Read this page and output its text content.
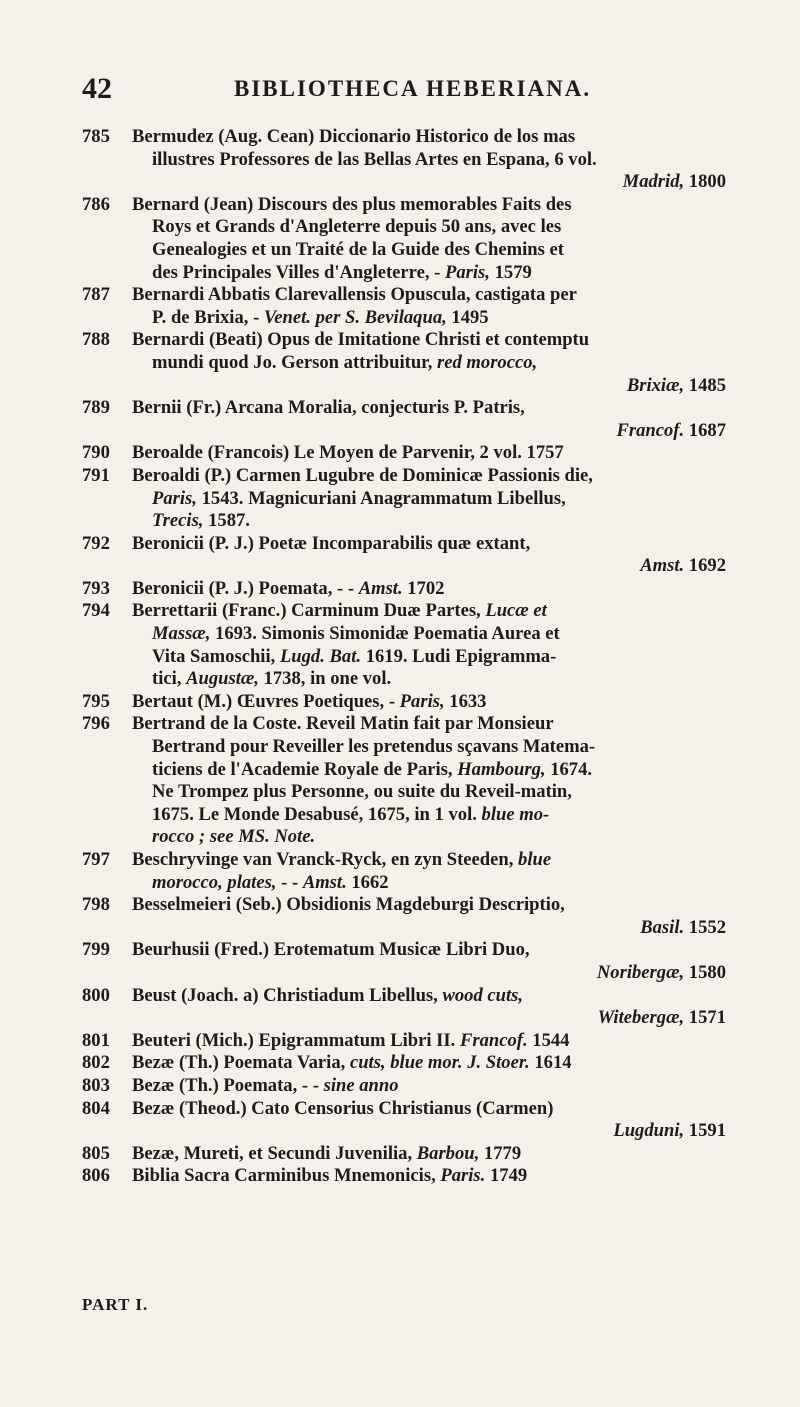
42	BIBLIOTHECA HEBERIANA.
785	Bermudez (Aug. Cean) Diccionario Historico de los mas
illustres Professores de las Bellas Artes en Espana, 6 vol.
Madrid, 1800
786	Bernard (Jean) Discours des plus memorables Faits des
Roys et Grands d'Angleterre depuis 50 ans, avec les
Genealogies et un Traité de la Guide des Chemins et
des Principales Villes d'Angleterre, - Paris, 1579
787	Bernardi Abbatis Clarevallensis Opuscula, castigata per
P. de Brixia, - Venet. per S. Bevilaqua, 1495
788	Bernardi (Beati) Opus de Imitatione Christi et contemptu
mundi quod Jo. Gerson attribuitur, red morocco,
Brixiæ, 1485
789	Bernii (Fr.) Arcana Moralia, conjecturis P. Patris,
Francof. 1687
790	Beroalde (Francois) Le Moyen de Parvenir, 2 vol. 1757
791	Beroaldi (P.) Carmen Lugubre de Dominicæ Passionis die,
Paris, 1543. Magnicuriani Anagrammatum Libellus,
Trecis, 1587.
792	Beronicii (P. J.) Poetæ Incomparabilis quæ extant,
Amst. 1692
793	Beronicii (P. J.) Poemata, - - Amst. 1702
794	Berrettarii (Franc.) Carminum Duæ Partes, Lucæ et
Massæ, 1693. Simonis Simonidæ Poematia Aurea et
Vita Samoschii, Lugd. Bat. 1619. Ludi Epigramma-
tici, Augustæ, 1738, in one vol.
795	Bertaut (M.) Œuvres Poetiques, - Paris, 1633
796	Bertrand de la Coste. Reveil Matin fait par Monsieur
Bertrand pour Reveiller les pretendus sçavans Matema-
ticiens de l'Academie Royale de Paris, Hambourg, 1674.
Ne Trompez plus Personne, ou suite du Reveil-matin,
1675. Le Monde Desabusé, 1675, in 1 vol. blue mo-
rocco ; see MS. Note.
797	Beschryvinge van Vranck-Ryck, en zyn Steeden, blue
morocco, plates, - - Amst. 1662
798	Besselmeieri (Seb.) Obsidionis Magdeburgi Descriptio,
Basil. 1552
799	Beurhusii (Fred.) Erotematum Musicæ Libri Duo,
Noribergæ, 1580
800	Beust (Joach. a) Christiadum Libellus, wood cuts,
Witebergæ, 1571
801	Beuteri (Mich.) Epigrammatum Libri II. Francof. 1544
802	Bezæ (Th.) Poemata Varia, cuts, blue mor. J. Stoer. 1614
803	Bezæ (Th.) Poemata, - - sine anno
804	Bezæ (Theod.) Cato Censorius Christianus (Carmen)
Lugduni, 1591
805	Bezæ, Mureti, et Secundi Juvenilia, Barbou, 1779
806	Biblia Sacra Carminibus Mnemonicis, Paris. 1749
PART I.
